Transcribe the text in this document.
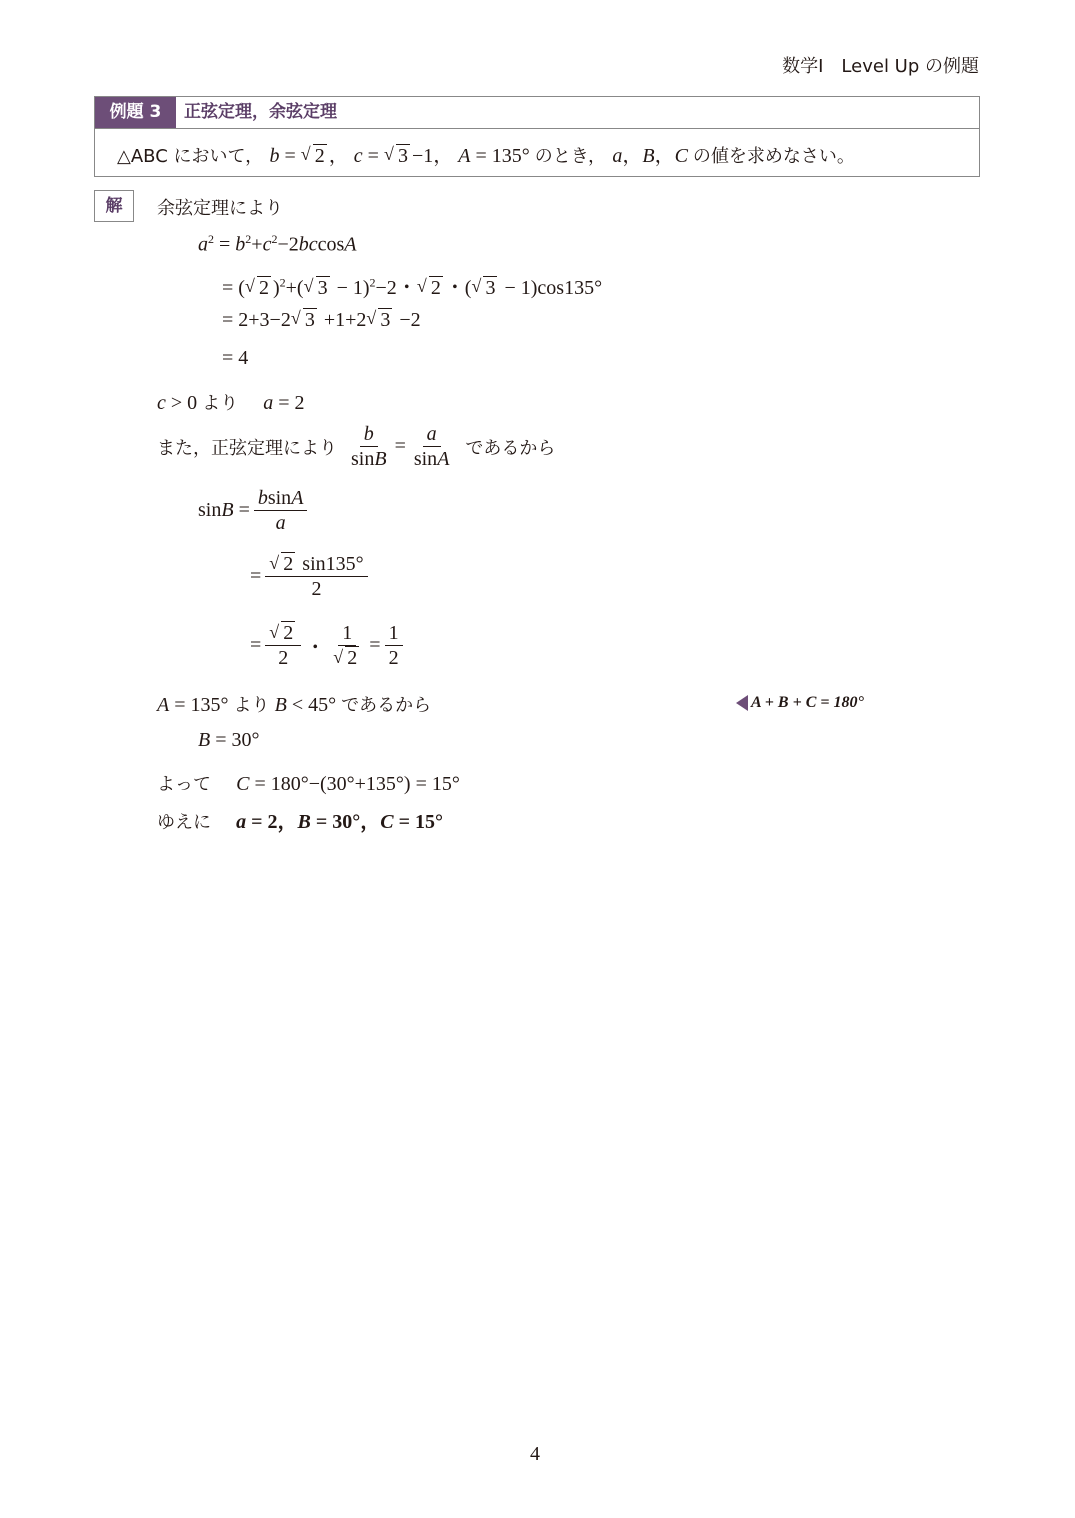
数学Ⅰ　Level Up の例題
例題 3	正弦定理，余弦定理
△ABC において， b = √ 2 ， c = √ 3 −1， A = 135° のとき， a，B，C の値を求めなさい。
解	余弦定理により
$a^2 = b^2+c^2-2bccosA$
= ( √ 2 )$^2$+( √ 3 − 1)$^2$−2・ √ 2 ・( √ 3 − 1)cos135°
= 2+3−2 √ 3 +1+2 √ 3 −2
= 4
c > 0 より 　 a = 2
また，正弦定理により $\frac{b}{\sin B} = \frac{a}{\sin A}$ であるから
$\sin B = \frac{bsinA}{a}$
= √ $\frac{2 \sin 135^\circ}{2}$
= √ $\frac{2}{2}$ ・ 1
√ $2 = \frac{1}{2}$
A = 135° より B < 45° であるから	A + B + C = 180°
B = 30°
よって 　 C = 180°−(30°+135°) = 15°
ゆえに 　 a = 2，B = 30°，C = 15°
4
